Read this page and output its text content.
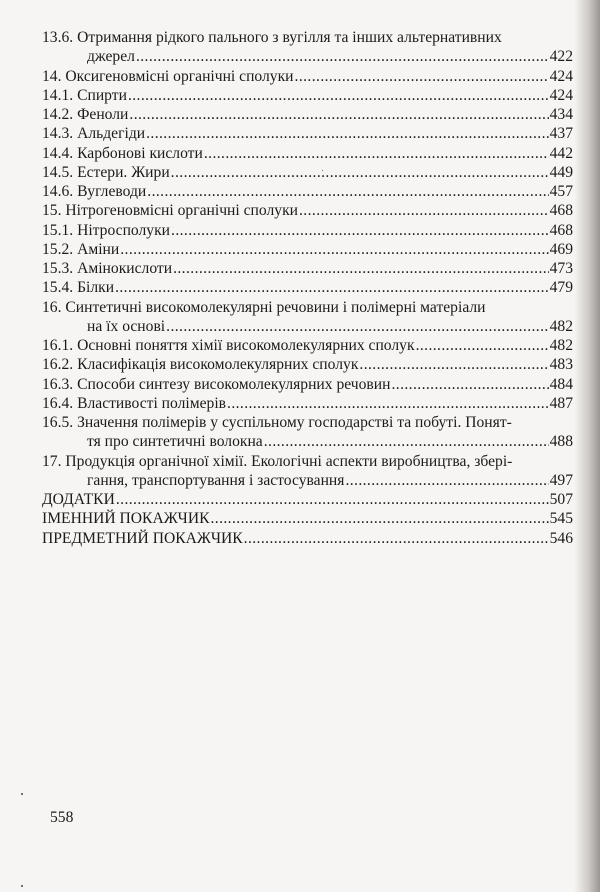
13.6. Отримання рідкого пального з вугілля та інших альтернативних
джерел .....	422
14. Оксигеновмісні органічні сполуки .....	424
14.1. Спирти .....	424
14.2. Феноли .....	434
14.3. Альдегіди .....	437
14.4. Карбонові кислоти .....	442
14.5. Естери. Жири .....	449
14.6. Вуглеводи .....	457
15. Нітрогеновмісні органічні сполуки .....	468
15.1. Нітросполуки .....	468
15.2. Аміни .....	469
15.3. Амінокислоти .....	473
15.4. Білки .....	479
16. Синтетичні високомолекулярні речовини і полімерні матеріали
на їх основі .....	482
16.1. Основні поняття хімії високомолекулярних сполук .....	482
16.2. Класифікація високомолекулярних сполук .....	483
16.3. Способи синтезу високомолекулярних речовин .....	484
16.4. Властивості полімерів .....	487
16.5. Значення полімерів у суспільному господарстві та побуті. Понят-
тя про синтетичні волокна .....	488
17. Продукція органічної хімії. Екологічні аспекти виробництва, збері-
гання, транспортування і застосування .....	497
ДОДАТКИ .....	507
ІМЕННИЙ ПОКАЖЧИК .....	545
ПРЕДМЕТНИЙ ПОКАЖЧИК .....	546
558
